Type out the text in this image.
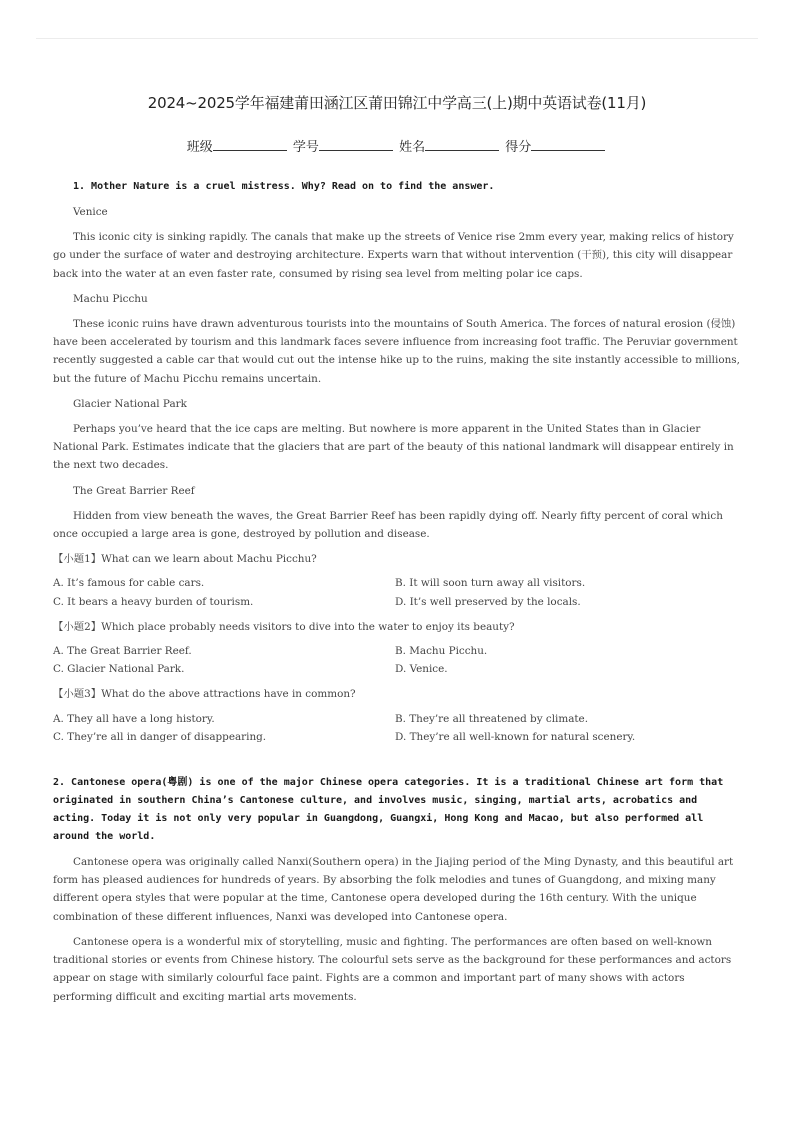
2024~2025学年福建莆田涵江区莆田锦江中学高三(上)期中英语试卷(11月)
班级	学号	姓名	得分
1. Mother Nature is a cruel mistress. Why? Read on to find the answer.
Venice
This iconic city is sinking rapidly. The canals that make up the streets of Venice rise 2mm every year, making relics of history go under the surface of water and destroying architecture. Experts warn that without intervention (干预), this city will disappear back into the water at an even faster rate, consumed by rising sea level from melting polar ice caps.
Machu Picchu
These iconic ruins have drawn adventurous tourists into the mountains of South America. The forces of natural erosion (侵蚀) have been accelerated by tourism and this landmark faces severe influence from increasing foot traffic. The Peruviar government recently suggested a cable car that would cut out the intense hike up to the ruins, making the site instantly accessible to millions, but the future of Machu Picchu remains uncertain.
Glacier National Park
Perhaps you’ve heard that the ice caps are melting. But nowhere is more apparent in the United States than in Glacier National Park. Estimates indicate that the glaciers that are part of the beauty of this national landmark will disappear entirely in the next two decades.
The Great Barrier Reef
Hidden from view beneath the waves, the Great Barrier Reef has been rapidly dying off. Nearly fifty percent of coral which once occupied a large area is gone, destroyed by pollution and disease.
【小题1】What can we learn about Machu Picchu?
A. It’s famous for cable cars.	B. It will soon turn away all visitors.
C. It bears a heavy burden of tourism.	D. It’s well preserved by the locals.
【小题2】Which place probably needs visitors to dive into the water to enjoy its beauty?
A. The Great Barrier Reef.	B. Machu Picchu.
C. Glacier National Park.	D. Venice.
【小题3】What do the above attractions have in common?
A. They all have a long history.	B. They’re all threatened by climate.
C. They’re all in danger of disappearing.	D. They’re all well-known for natural scenery.
2. Cantonese opera(粤剧) is one of the major Chinese opera categories. It is a traditional Chinese art form that originated in southern China’s Cantonese culture, and involves music, singing, martial arts, acrobatics and acting. Today it is not only very popular in Guangdong, Guangxi, Hong Kong and Macao, but also performed all around the world.
Cantonese opera was originally called Nanxi(Southern opera) in the Jiajing period of the Ming Dynasty, and this beautiful art form has pleased audiences for hundreds of years. By absorbing the folk melodies and tunes of Guangdong, and mixing many different opera styles that were popular at the time, Cantonese opera developed during the 16th century. With the unique combination of these different influences, Nanxi was developed into Cantonese opera.
Cantonese opera is a wonderful mix of storytelling, music and fighting. The performances are often based on well-known traditional stories or events from Chinese history. The colourful sets serve as the background for these performances and actors appear on stage with similarly colourful face paint. Fights are a common and important part of many shows with actors performing difficult and exciting martial arts movements.
